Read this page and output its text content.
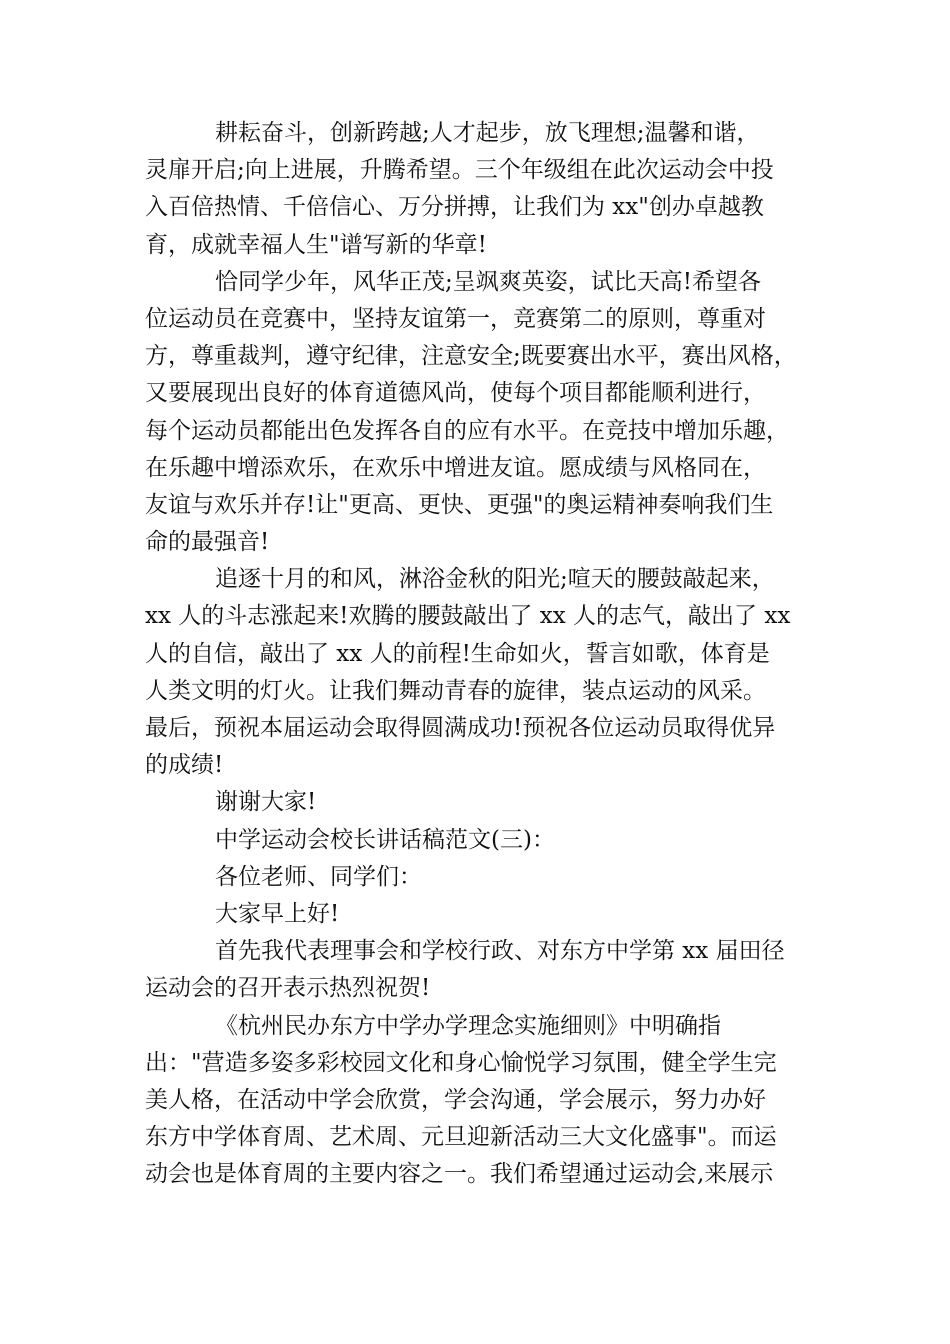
耕耘奋斗，创新跨越;人才起步，放飞理想;温馨和谐，
灵扉开启;向上进展，升腾希望。三个年级组在此次运动会中投
入百倍热情、千倍信心、万分拼搏，让我们为 xx"创办卓越教
育，成就幸福人生"谱写新的华章!
恰同学少年，风华正茂;呈飒爽英姿，试比天高!希望各
位运动员在竞赛中，坚持友谊第一，竞赛第二的原则，尊重对
方，尊重裁判，遵守纪律，注意安全;既要赛出水平，赛出风格，
又要展现出良好的体育道德风尚，使每个项目都能顺利进行，
每个运动员都能出色发挥各自的应有水平。在竞技中增加乐趣，
在乐趣中增添欢乐，在欢乐中增进友谊。愿成绩与风格同在，
友谊与欢乐并存!让"更高、更快、更强"的奥运精神奏响我们生
命的最强音!
追逐十月的和风，淋浴金秋的阳光;喧天的腰鼓敲起来，
xx 人的斗志涨起来!欢腾的腰鼓敲出了 xx 人的志气，敲出了 xx
人的自信，敲出了 xx 人的前程!生命如火，誓言如歌，体育是
人类文明的灯火。让我们舞动青春的旋律，装点运动的风采。
最后，预祝本届运动会取得圆满成功!预祝各位运动员取得优异
的成绩!
谢谢大家!
中学运动会校长讲话稿范文(三)：
各位老师、同学们：
大家早上好!
首先我代表理事会和学校行政、对东方中学第 xx 届田径
运动会的召开表示热烈祝贺!
《杭州民办东方中学办学理念实施细则》中明确指
出："营造多姿多彩校园文化和身心愉悦学习氛围，健全学生完
美人格，在活动中学会欣赏，学会沟通，学会展示，努力办好
东方中学体育周、艺术周、元旦迎新活动三大文化盛事"。而运
动会也是体育周的主要内容之一。我们希望通过运动会,来展示
